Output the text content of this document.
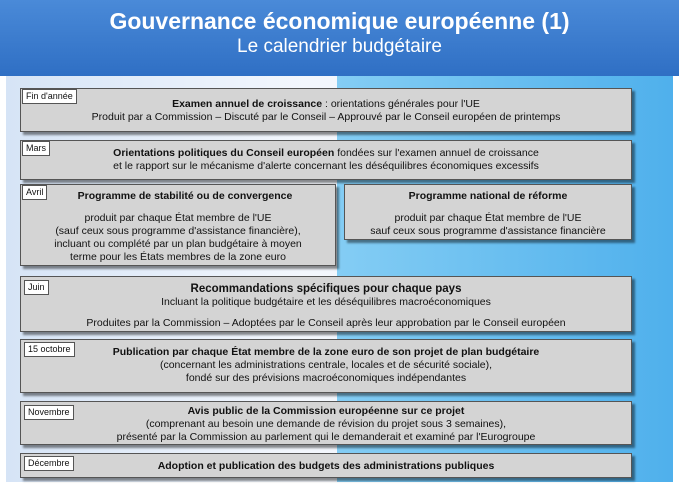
Gouvernance économique européenne (1)
Le calendrier budgétaire
Examen annuel de croissance : orientations générales pour l'UE
Produit par a Commission – Discuté par le Conseil – Approuvé par le Conseil européen de printemps
Fin d'année
Orientations politiques du Conseil européen fondées sur l'examen annuel de croissance
et le rapport sur le mécanisme d'alerte concernant les déséquilibres économiques excessifs
Mars
Programme de stabilité ou de convergence
produit par chaque État membre de l'UE
(sauf ceux sous programme d'assistance financière),
incluant ou complété par un plan budgétaire à moyen
terme pour les États membres de la zone euro
Avril	Programme national de réforme
produit par chaque État membre de l'UE
sauf ceux sous programme d'assistance financière
Recommandations spécifiques pour chaque pays
Incluant la politique budgétaire et les déséquilibres macroéconomiques
Produites par la Commission – Adoptées par le Conseil après leur approbation par le Conseil européen
Juin
Publication par chaque État membre de la zone euro de son projet de plan budgétaire
(concernant les administrations centrale, locales et de sécurité sociale),
fondé sur des prévisions macroéconomiques indépendantes
15 octobre
Avis public de la Commission européenne sur ce projet
(comprenant au besoin une demande de révision du projet sous 3 semaines),
présenté par la Commission au parlement qui le demanderait et examiné par l'Eurogroupe
Novembre
Adoption et publication des budgets des administrations publiques
Décembre
